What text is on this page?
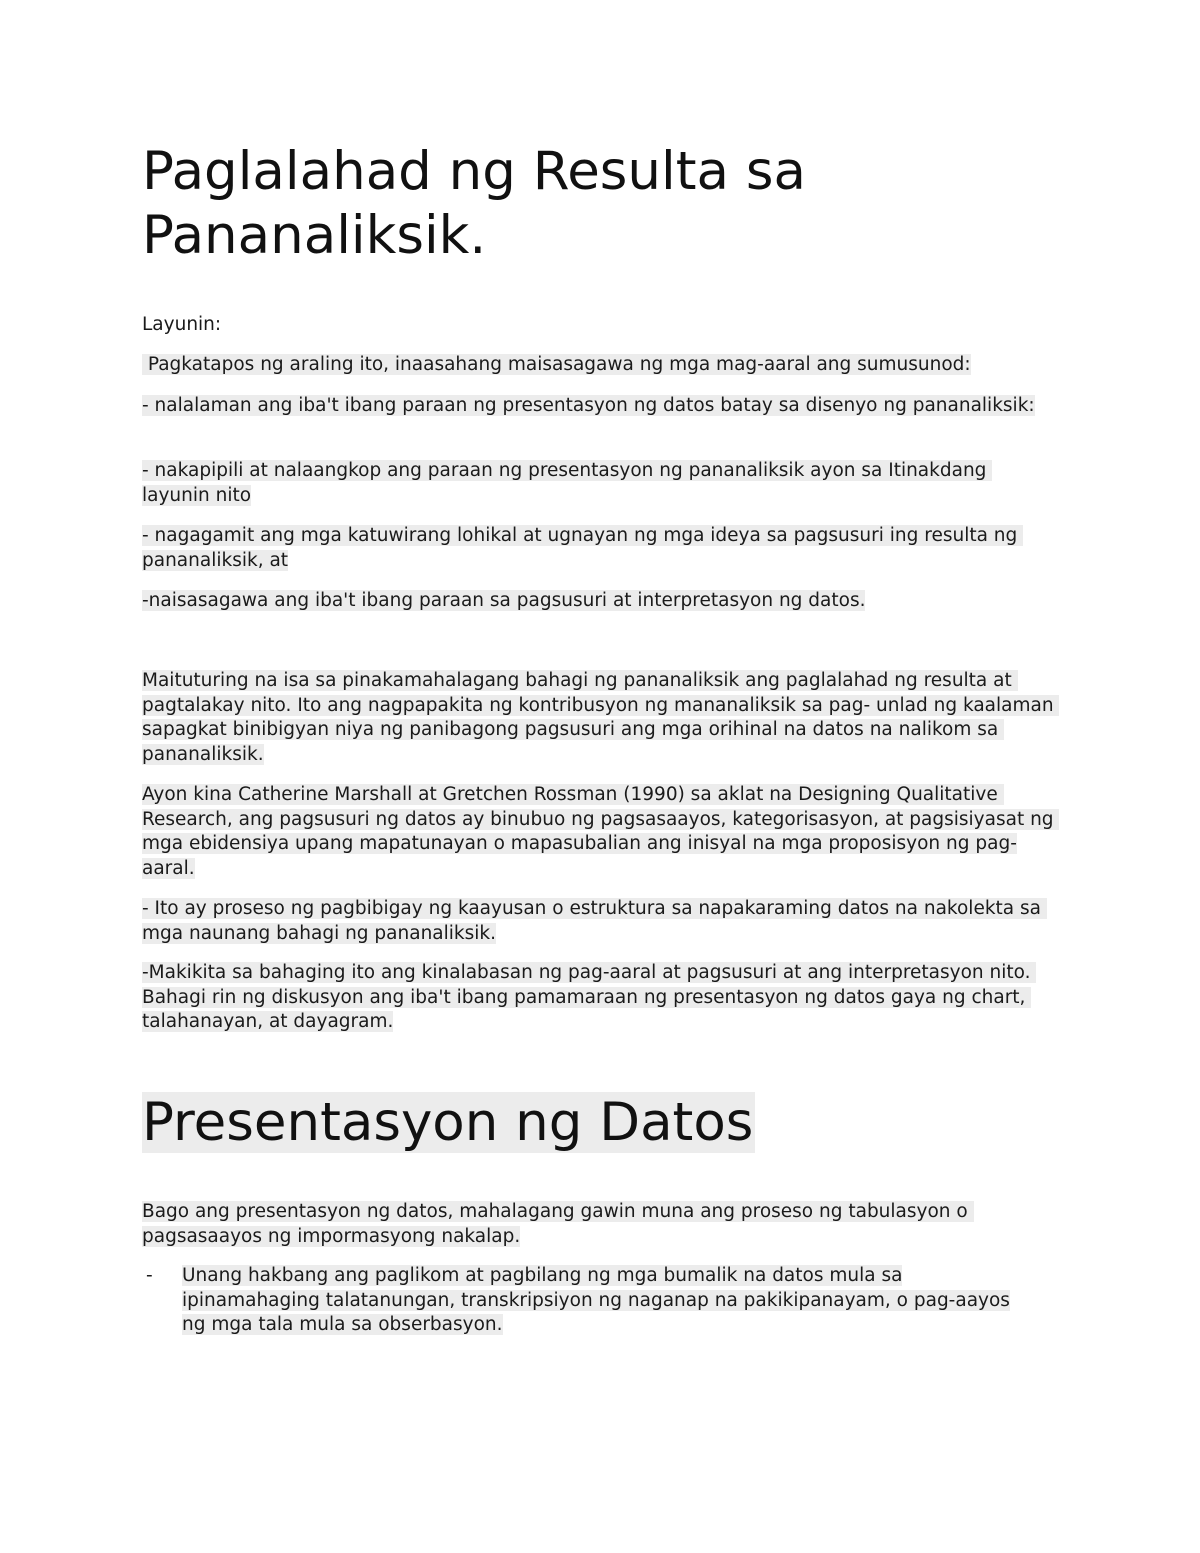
Paglalahad ng Resulta sa Pananaliksik.

Layunin:

Pagkatapos ng araling ito, inaasahang maisasagawa ng mga mag-aaral ang sumusunod:

- nalalaman ang iba't ibang paraan ng presentasyon ng datos batay sa disenyo ng pananaliksik:

- nakapipili at nalaangkop ang paraan ng presentasyon ng pananaliksik ayon sa Itinakdang layunin nito

- nagagamit ang mga katuwirang lohikal at ugnayan ng mga ideya sa pagsusuri ing resulta ng pananaliksik, at

-naisasagawa ang iba't ibang paraan sa pagsusuri at interpretasyon ng datos.

Maituturing na isa sa pinakamahalagang bahagi ng pananaliksik ang paglalahad ng resulta at pagtalakay nito. Ito ang nagpapakita ng kontribusyon ng mananaliksik sa pag- unlad ng kaalaman sapagkat binibigyan niya ng panibagong pagsusuri ang mga orihinal na datos na nalikom sa pananaliksik.

Ayon kina Catherine Marshall at Gretchen Rossman (1990) sa aklat na Designing Qualitative Research, ang pagsusuri ng datos ay binubuo ng pagsasaayos, kategorisasyon, at pagsisiyasat ng mga ebidensiya upang mapatunayan o mapasubalian ang inisyal na mga proposisyon ng pag-aaral.

- Ito ay proseso ng pagbibigay ng kaayusan o estruktura sa napakaraming datos na nakolekta sa mga naunang bahagi ng pananaliksik.

-Makikita sa bahaging ito ang kinalabasan ng pag-aaral at pagsusuri at ang interpretasyon nito. Bahagi rin ng diskusyon ang iba't ibang pamamaraan ng presentasyon ng datos gaya ng chart, talahanayan, at dayagram.

Presentasyon ng Datos

Bago ang presentasyon ng datos, mahalagang gawin muna ang proseso ng tabulasyon o pagsasaayos ng impormasyong nakalap.

- Unang hakbang ang paglikom at pagbilang ng mga bumalik na datos mula sa ipinamahaging talatanungan, transkripsiyon ng naganap na pakikipanayam, o pag-aayos ng mga tala mula sa obserbasyon.
